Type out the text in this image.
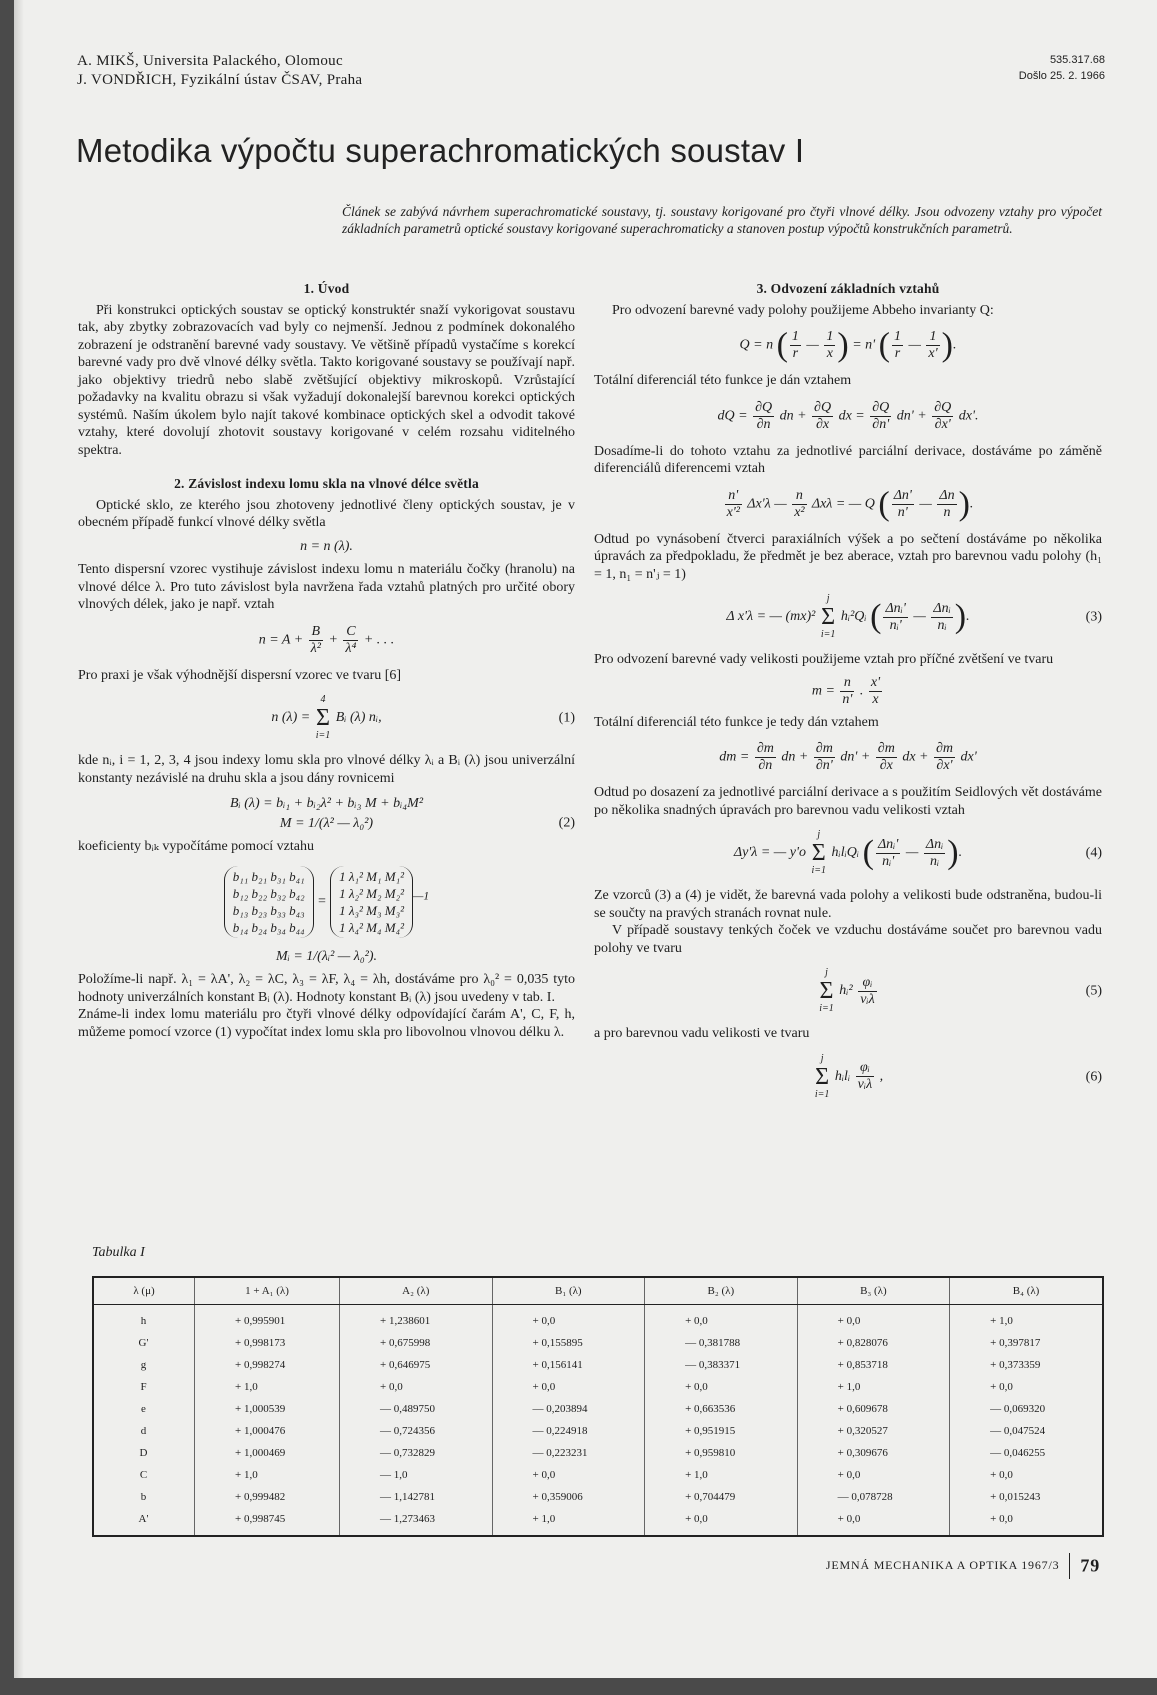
A. MIKŠ, Universita Palackého, Olomouc
J. VONDŘICH, Fyzikální ústav ČSAV, Praha
535.317.68
Došlo 25. 2. 1966
Metodika výpočtu superachromatických soustav I
Článek se zabývá návrhem superachromatické soustavy, tj. soustavy korigované pro čtyři vlnové délky. Jsou odvozeny vztahy pro výpočet základních parametrů optické soustavy korigované superachromaticky a stanoven postup výpočtů konstrukčních parametrů.
1. Úvod

Při konstrukci optických soustav se optický konstruktér snaží vykorigovat soustavu tak, aby zbytky zobrazovacích vad byly co nejmenší. Jednou z podmínek dokonalého zobrazení je odstranění barevné vady soustavy. Ve většině případů vystačíme s korekcí barevné vady pro dvě vlnové délky světla. Takto korigované soustavy se používají např. jako objektivy triedrů nebo slabě zvětšující objektivy mikroskopů. Vzrůstající požadavky na kvalitu obrazu si však vyžadují dokonalejší barevnou korekci optických systémů. Naším úkolem bylo najít takové kombinace optických skel a odvodit takové vztahy, které dovolují zhotovit soustavy korigované v celém rozsahu viditelného spektra.

2. Závislost indexu lomu skla na vlnové délce světla

Optické sklo, ze kterého jsou zhotoveny jednotlivé členy optických soustav, je v obecném případě funkcí vlnové délky světla

n = n (λ).

Tento dispersní vzorec vystihuje závislost indexu lomu n materiálu čočky (hranolu) na vlnové délce λ. Pro tuto závislost byla navržena řada vztahů platných pro určité obory vlnových délek, jako je např. vztah

$n = A + \frac{B}{\text{λ²}} + \frac{C}{\text{λ⁴}}$ + . . .

Pro praxi je však výhodnější dispersní vzorec ve tvaru [6]

n (λ) =
4
Σ
i=1
Bᵢ (λ) nᵢ,	(1)

kde nᵢ, i = 1, 2, 3, 4 jsou indexy lomu skla pro vlnové délky λᵢ a Bᵢ (λ) jsou univerzální konstanty nezávislé na druhu skla a jsou dány rovnicemi

Bᵢ (λ) = bᵢ₁ + bᵢ₂λ² + bᵢ₃ M + bᵢ₄M²
M = 1/(λ² — λ₀²)	(2)

koeficienty bᵢₖ vypočítáme pomocí vztahu

b₁₁ b₂₁ b₃₁ b₄₁
b₁₂ b₂₂ b₃₂ b₄₂
b₁₃ b₂₃ b₃₃ b₄₃
b₁₄ b₂₄ b₃₄ b₄₄ = 1 λ₁² M₁ M₁²
1 λ₂² M₂ M₂²
1 λ₃² M₃ M₃²
1 λ₄² M₄ M₄²$^{—1}$
Mᵢ = 1/(λᵢ² — λ₀²).

Položíme-li např. λ₁ = λA', λ₂ = λC, λ₃ = λF, λ₄ = λh, dostáváme pro λ₀² = 0,035 tyto hodnoty univerzálních konstant Bᵢ (λ). Hodnoty konstant Bᵢ (λ) jsou uvedeny v tab. I.

Známe-li index lomu materiálu pro čtyři vlnové délky odpovídající čarám A', C, F, h, můžeme pomocí vzorce (1) vypočítat index lomu skla pro libovolnou vlnovou délku λ.

3. Odvození základních vztahů

Pro odvození barevné vady polohy použijeme Abbeho invarianty Q:

Q = n ( $\frac{1}{r}$ — $\frac{1}{x}$ ) = n' ( $\frac{1}{r}$ — $\frac{1}{x'}$ ).

Totální diferenciál této funkce je dán vztahem

dQ = $\frac{\partial Q}{\partial n}$ dn + $\frac{\partial Q}{\partial x}$ dx = $\frac{\partial Q}{\partial n'} dn' + \frac{\partial Q}{\partial x'} dx'$.

Dosadíme-li do tohoto vztahu za jednotlivé parciální derivace, dostáváme po záměně diferenciálů diferencemi vztah

$\frac{n'}{\text{x'²}} \Delta x'\lambda$ — $\frac{n}{\text{x²}}$ Δxλ = — Q ( $\frac{\Delta n'}{n'}$ — $\frac{\Delta n}{n}$ ).

Odtud po vynásobení čtverci paraxiálních výšek a po sečtení dostáváme po několika úpravách za předpokladu, že předmět je bez aberace, vztah pro barevnou vadu polohy (h₁ = 1, n₁ = n'ⱼ = 1)

Δ x'λ = — (mx)²
j
Σ
i=1
hᵢ²Qᵢ ( $\frac{\text{Δnᵢ'}}{\text{nᵢ'}}$ — $\frac{\text{Δnᵢ}}{\text{nᵢ}}$ ).	(3)

Pro odvození barevné vady velikosti použijeme vztah pro příčné zvětšení ve tvaru

$m = \frac{n}{n'}$ . $\frac{x'}{x}$

Totální diferenciál této funkce je tedy dán vztahem

dm = $\frac{\partial m}{\partial n}$ dn + $\frac{\partial m}{\partial n'} dn' + \frac{\partial m}{\partial x}$ dx + $\frac{\partial m}{\partial x'} dx'$

Odtud po dosazení za jednotlivé parciální derivace a s použitím Seidlových vět dostáváme po několika snadných úpravách pro barevnou vadu velikosti vztah

Δy'λ = — y'o
j
Σ
i=1
hᵢlᵢQᵢ ( $\frac{\text{Δnᵢ'}}{\text{nᵢ'}}$ — $\frac{\text{Δnᵢ}}{\text{nᵢ}}$ ).	(4)

Ze vzorců (3) a (4) je vidět, že barevná vada polohy a velikosti bude odstraněna, budou-li se součty na pravých stranách rovnat nule.

V případě soustavy tenkých čoček ve vzduchu dostáváme součet pro barevnou vadu polohy ve tvaru

j
Σ
i=1
hᵢ² $\frac{\text{φᵢ}}{\text{νᵢλ}}$	(5)

a pro barevnou vadu velikosti ve tvaru

j
Σ
i=1
hᵢlᵢ $\frac{\text{φᵢ}}{\text{νᵢλ}}$ ,	(6)
Tabulka I
λ (μ)	1 + A₁ (λ)	A₂ (λ)	B₁ (λ)	B₂ (λ)	B₃ (λ)	B₄ (λ)
h	+ 0,995901	+ 1,238601	+ 0,0	+ 0,0	+ 0,0	+ 1,0
G'	+ 0,998173	+ 0,675998	+ 0,155895	— 0,381788	+ 0,828076	+ 0,397817
g	+ 0,998274	+ 0,646975	+ 0,156141	— 0,383371	+ 0,853718	+ 0,373359
F	+ 1,0	+ 0,0	+ 0,0	+ 0,0	+ 1,0	+ 0,0
e	+ 1,000539	— 0,489750	— 0,203894	+ 0,663536	+ 0,609678	— 0,069320
d	+ 1,000476	— 0,724356	— 0,224918	+ 0,951915	+ 0,320527	— 0,047524
D	+ 1,000469	— 0,732829	— 0,223231	+ 0,959810	+ 0,309676	— 0,046255
C	+ 1,0	— 1,0	+ 0,0	+ 1,0	+ 0,0	+ 0,0
b	+ 0,999482	— 1,142781	+ 0,359006	+ 0,704479	— 0,078728	+ 0,015243
A'	+ 0,998745	— 1,273463	+ 1,0	+ 0,0	+ 0,0	+ 0,0
JEMNÁ MECHANIKA A OPTIKA 1967/3 79
